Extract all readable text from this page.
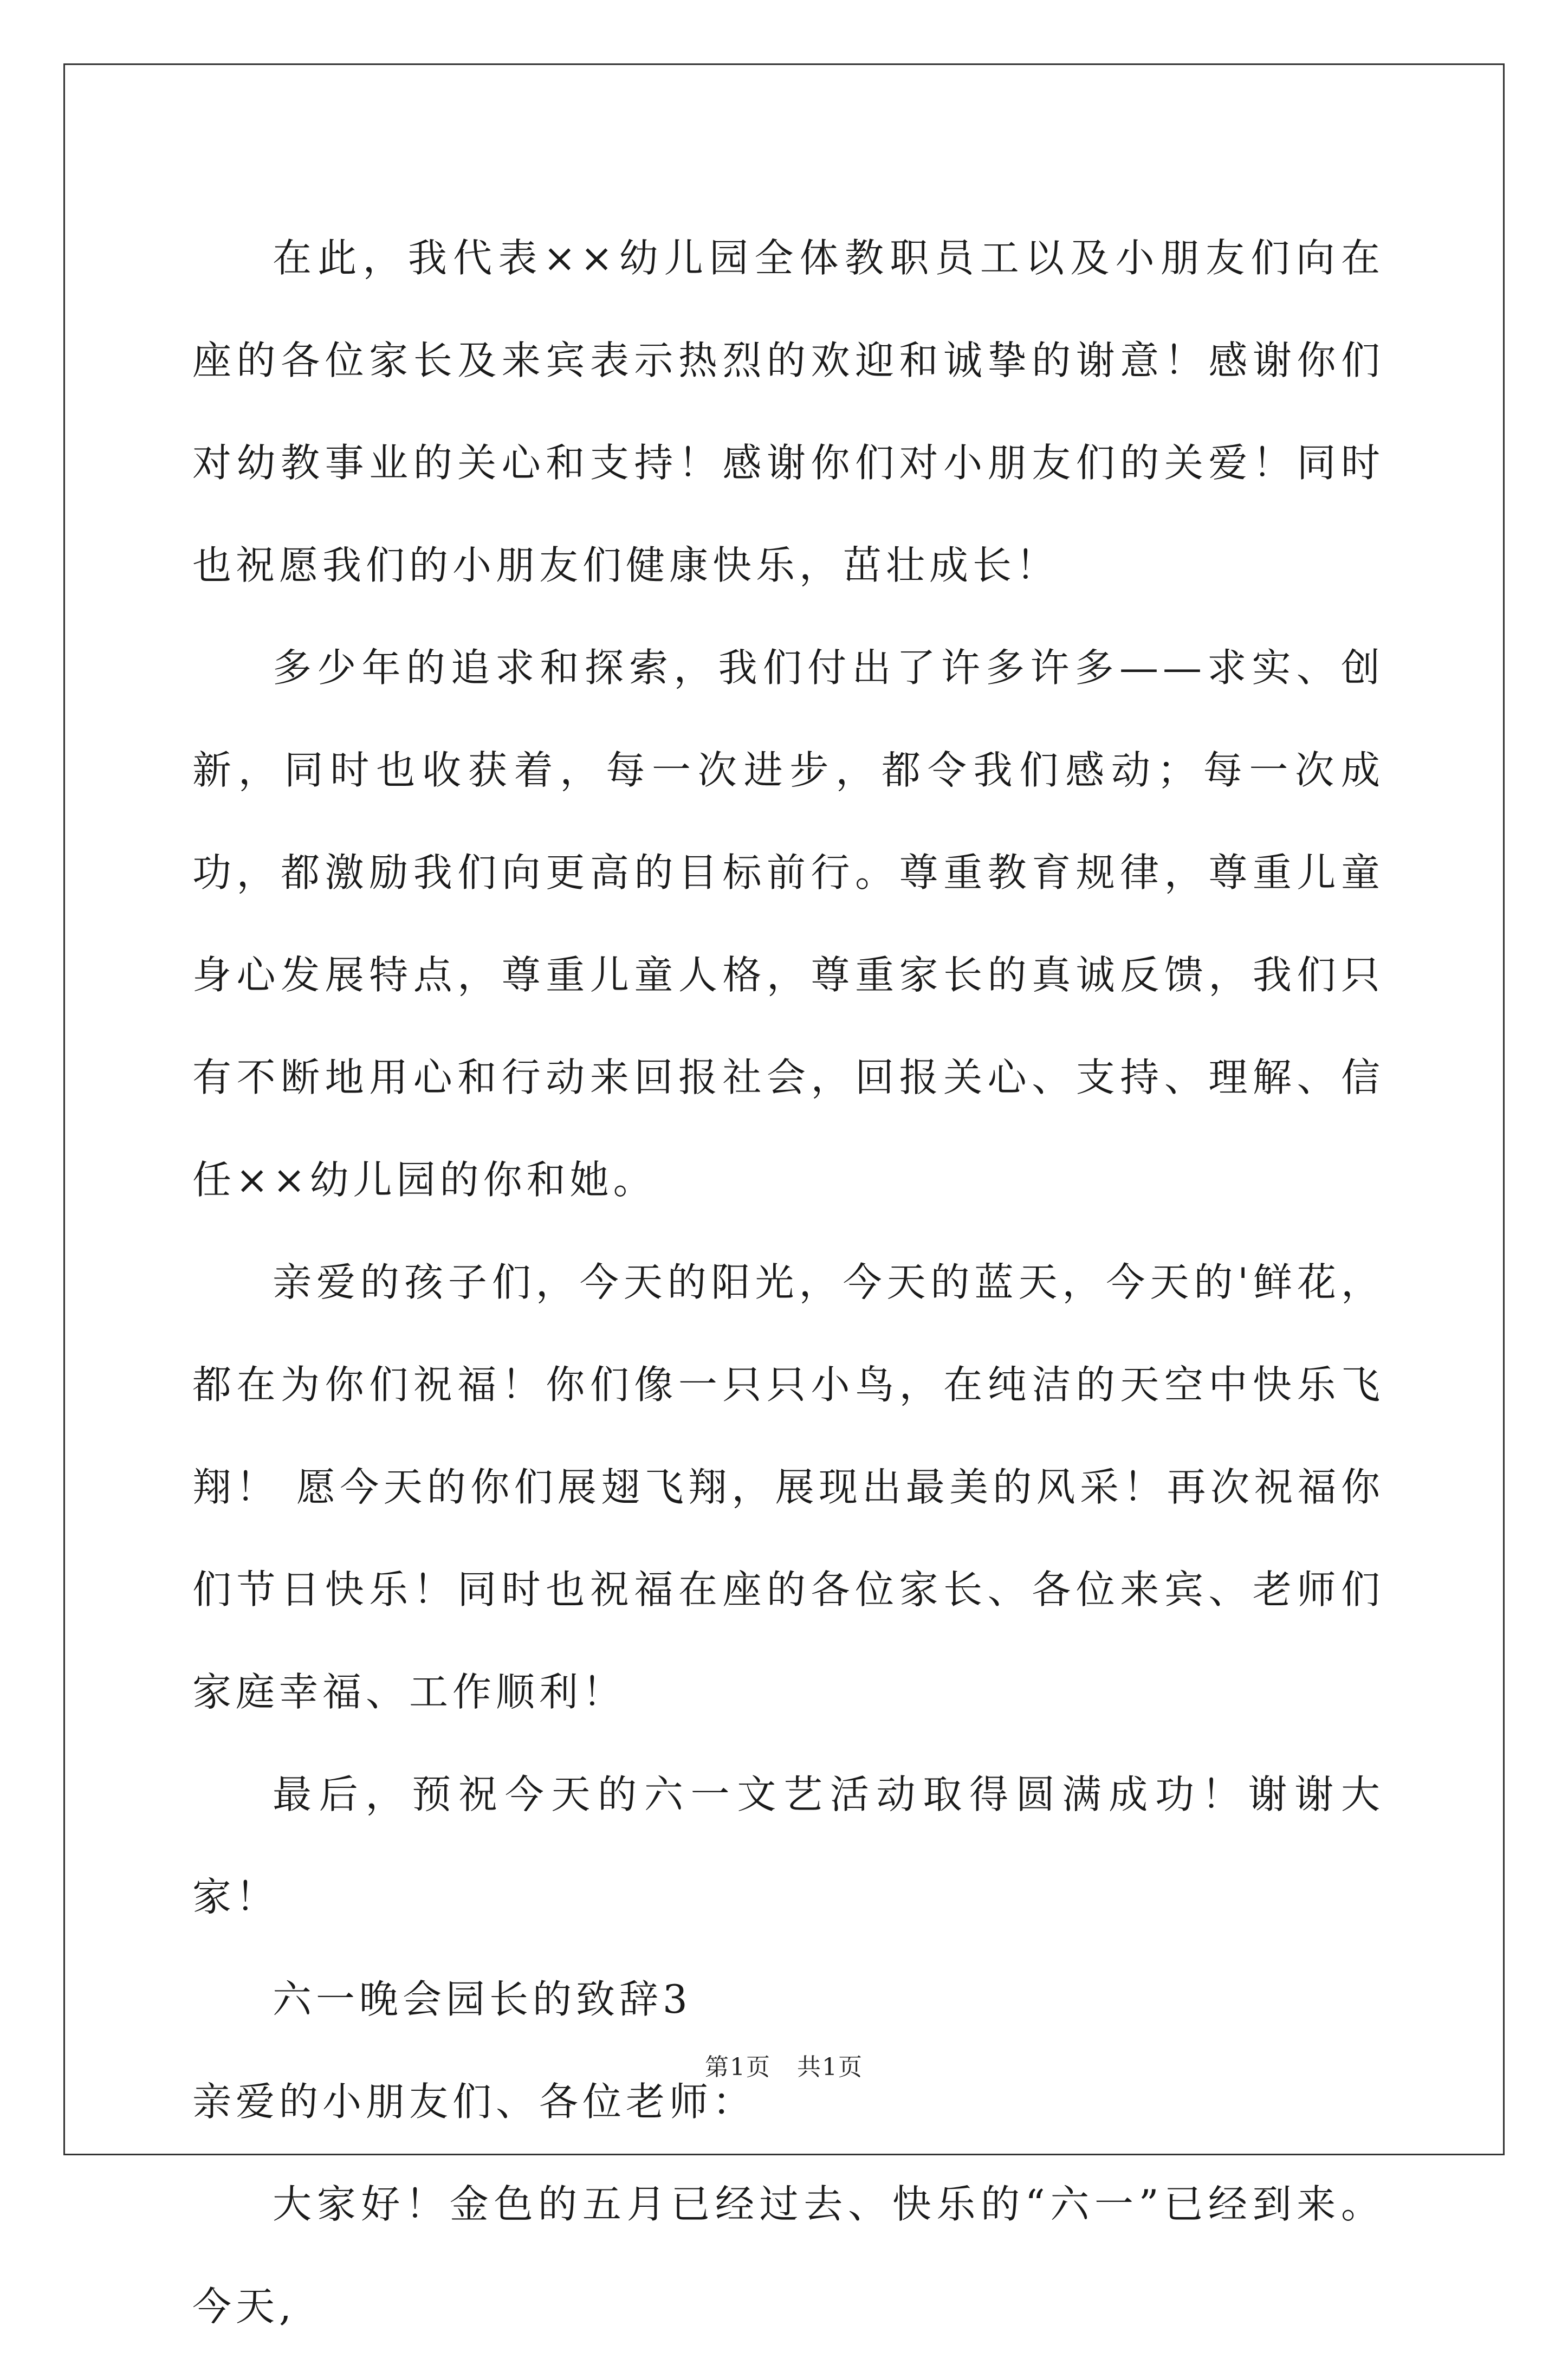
在此，我代表××幼儿园全体教职员工以及小朋友们向在座的各位家长及来宾表示热烈的欢迎和诚挚的谢意！感谢你们对幼教事业的关心和支持！感谢你们对小朋友们的关爱！同时也祝愿我们的小朋友们健康快乐，茁壮成长！

多少年的追求和探索，我们付出了许多许多——求实、创新，同时也收获着，每一次进步，都令我们感动；每一次成功，都激励我们向更高的目标前行。尊重教育规律，尊重儿童身心发展特点，尊重儿童人格，尊重家长的真诚反馈，我们只有不断地用心和行动来回报社会，回报关心、支持、理解、信任××幼儿园的你和她。

亲爱的孩子们，今天的阳光，今天的蓝天，今天的'鲜花，都在为你们祝福！你们像一只只小鸟，在纯洁的天空中快乐飞翔！ 愿今天的你们展翅飞翔，展现出最美的风采！再次祝福你们节日快乐！同时也祝福在座的各位家长、各位来宾、老师们家庭幸福、工作顺利！

最后，预祝今天的六一文艺活动取得圆满成功！谢谢大家！

六一晚会园长的致辞3

亲爱的小朋友们、各位老师：

大家好！金色的五月已经过去、快乐的“六一”已经到来。今天,

第1页 共1页
